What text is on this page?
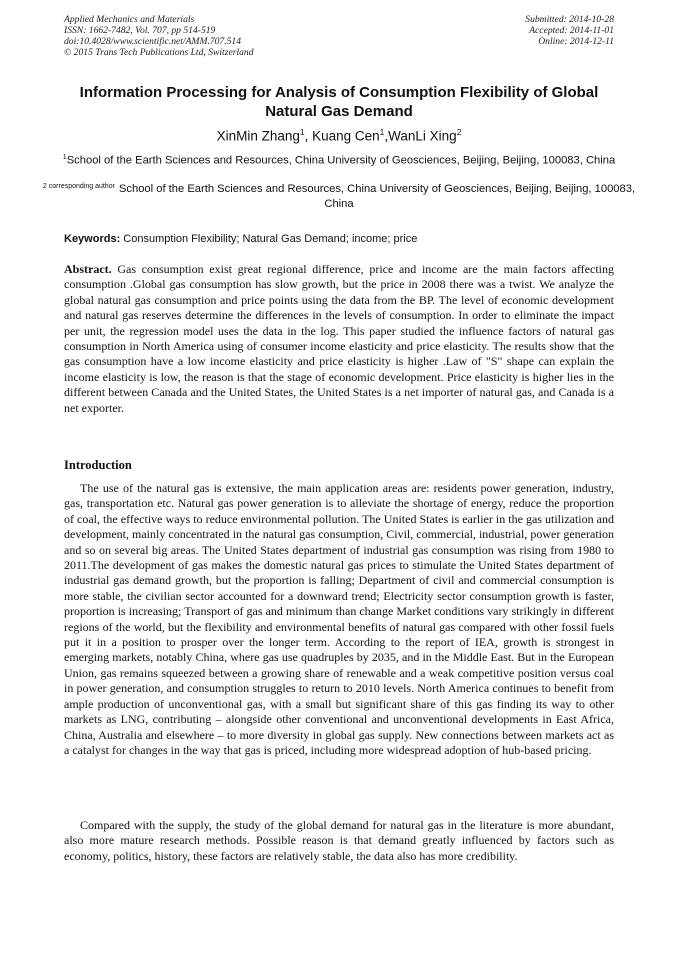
Applied Mechanics and Materials
ISSN: 1662-7482, Vol. 707, pp 514-519
doi:10.4028/www.scientific.net/AMM.707.514
© 2015 Trans Tech Publications Ltd, Switzerland
Submitted: 2014-10-28
Accepted: 2014-11-01
Online: 2014-12-11
Information Processing for Analysis of Consumption Flexibility of Global
Natural Gas Demand
XinMin Zhang$^1$, Kuang Cen$^1$,WanLi Xing$^2$
$^1$School of the Earth Sciences and Resources, China University of Geosciences, Beijing, Beijing, 100083, China
$^{2 corresponding author}$ School of the Earth Sciences and Resources, China University of Geosciences, Beijing, Beijing, 100083, China
Keywords: Consumption Flexibility; Natural Gas Demand; income; price
Abstract. Gas consumption exist great regional difference, price and income are the main factors affecting consumption .Global gas consumption has slow growth, but the price in 2008 there was a twist. We analyze the global natural gas consumption and price points using the data from the BP. The level of economic development and natural gas reserves determine the differences in the levels of consumption. In order to eliminate the impact per unit, the regression model uses the data in the log. This paper studied the influence factors of natural gas consumption in North America using of consumer income elasticity and price elasticity. The results show that the gas consumption have a low income elasticity and price elasticity is higher .Law of "S" shape can explain the income elasticity is low, the reason is that the stage of economic development. Price elasticity is higher lies in the different between Canada and the United States, the United States is a net importer of natural gas, and Canada is a net exporter.
Introduction
The use of the natural gas is extensive, the main application areas are: residents power generation, industry, gas, transportation etc. Natural gas power generation is to alleviate the shortage of energy, reduce the proportion of coal, the effective ways to reduce environmental pollution. The United States is earlier in the gas utilization and development, mainly concentrated in the natural gas consumption, Civil, commercial, industrial, power generation and so on several big areas. The United States department of industrial gas consumption was rising from 1980 to 2011.The development of gas makes the domestic natural gas prices to stimulate the United States department of industrial gas demand growth, but the proportion is falling; Department of civil and commercial consumption is more stable, the civilian sector accounted for a downward trend; Electricity sector consumption growth is faster, proportion is increasing; Transport of gas and minimum than change Market conditions vary strikingly in different regions of the world, but the flexibility and environmental benefits of natural gas compared with other fossil fuels put it in a position to prosper over the longer term. According to the report of IEA, growth is strongest in emerging markets, notably China, where gas use quadruples by 2035, and in the Middle East. But in the European Union, gas remains squeezed between a growing share of renewable and a weak competitive position versus coal in power generation, and consumption struggles to return to 2010 levels. North America continues to benefit from ample production of unconventional gas, with a small but significant share of this gas finding its way to other markets as LNG, contributing – alongside other conventional and unconventional developments in East Africa, China, Australia and elsewhere – to more diversity in global gas supply. New connections between markets act as a catalyst for changes in the way that gas is priced, including more widespread adoption of hub-based pricing.
Compared with the supply, the study of the global demand for natural gas in the literature is more abundant, also more mature research methods. Possible reason is that demand greatly influenced by factors such as economy, politics, history, these factors are relatively stable, the data also has more credibility.
